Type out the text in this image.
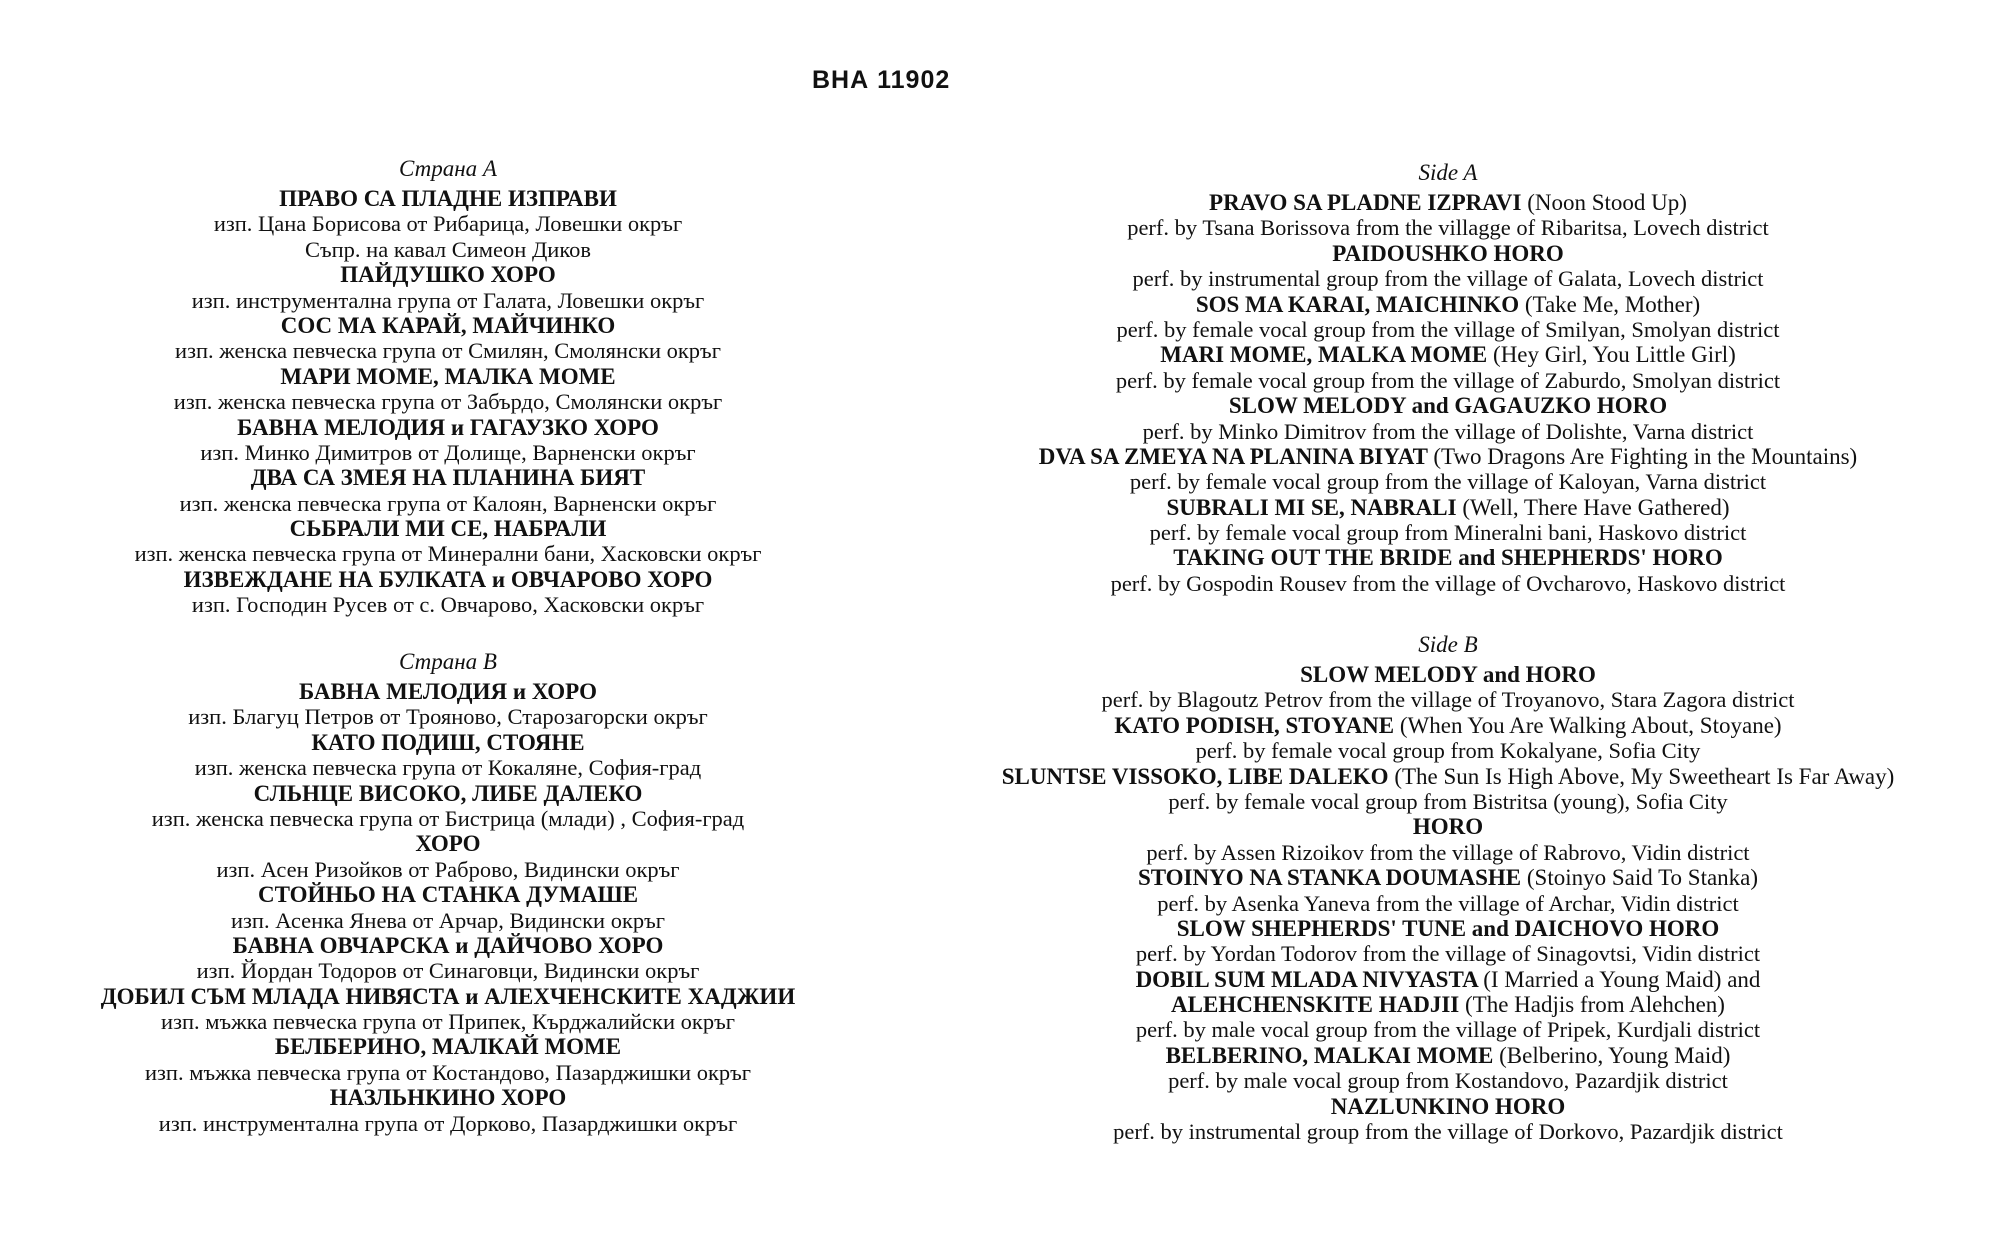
ВНА 11902
Страна А
ПРАВО СА ПЛАДНЕ ИЗПРАВИ
изп. Цана Борисова от Рибарица, Ловешки окръг
Съпр. на кавал Симеон Диков
ПАЙДУШКО ХОРО
изп. инструментална група от Галата, Ловешки окръг
СОС МА КАРАЙ, МАЙЧИНКО
изп. женска певческа група от Смилян, Смолянски окръг
МАРИ МОМЕ, МАЛКА МОМЕ
изп. женска певческа група от Забърдо, Смолянски окръг
БАВНА МЕЛОДИЯ и ГАГАУЗКО ХОРО
изп. Минко Димитров от Долище, Варненски окръг
ДВА СА ЗМЕЯ НА ПЛАНИНА БИЯТ
изп. женска певческа група от Калоян, Варненски окръг
СЬБРАЛИ МИ СЕ, НАБРАЛИ
изп. женска певческа група от Минерални бани, Хасковски окръг
ИЗВЕЖДАНЕ НА БУЛКАТА и ОВЧАРОВО ХОРО
изп. Господин Русев от с. Овчарово, Хасковски окръг
Страна В
БАВНА МЕЛОДИЯ и ХОРО
изп. Благуц Петров от Трояново, Старозагорски окръг
КАТО ПОДИШ, СТОЯНЕ
изп. женска певческа група от Кокаляне, София-град
СЛЬНЦЕ ВИСОКО, ЛИБЕ ДАЛЕКО
изп. женска певческа група от Бистрица (млади) , София-град
ХОРО
изп. Асен Ризойков от Раброво, Видински окръг
СТОЙНЬО НА СТАНКА ДУМАШЕ
изп. Асенка Янева от Арчар, Видински окръг
БАВНА ОВЧАРСКА и ДАЙЧОВО ХОРО
изп. Йордан Тодоров от Синаговци, Видински окръг
ДОБИЛ СЪМ МЛАДА НИВЯСТА и АЛЕХЧЕНСКИТЕ ХАДЖИИ
изп. мъжка певческа група от Припек, Кърджалийски окръг
БЕЛБЕРИНО, МАЛКАЙ МОМЕ
изп. мъжка певческа група от Костандово, Пазарджишки окръг
НАЗЛЬНКИНО ХОРО
изп. инструментална група от Дорково, Пазарджишки окръг
Side A
PRAVO SA PLADNE IZPRAVI (Noon Stood Up)
perf. by Tsana Borissova from the villagge of Ribaritsa, Lovech district
PAIDOUSHKO HORO
perf. by instrumental group from the village of Galata, Lovech district
SOS MA KARAI, MAICHINKO (Take Me, Mother)
perf. by female vocal group from the village of Smilyan, Smolyan district
MARI MOME, MALKA MOME (Hey Girl, You Little Girl)
perf. by female vocal group from the village of Zaburdo, Smolyan district
SLOW MELODY and GAGAUZKO HORO
perf. by Minko Dimitrov from the village of Dolishte, Varna district
DVA SA ZMEYA NA PLANINA BIYAT (Two Dragons Are Fighting in the Mountains)
perf. by female vocal group from the village of Kaloyan, Varna district
SUBRALI MI SE, NABRALI (Well, There Have Gathered)
perf. by female vocal group from Mineralni bani, Haskovo district
TAKING OUT THE BRIDE and SHEPHERDS' HORO
perf. by Gospodin Rousev from the village of Ovcharovo, Haskovo district
Side B
SLOW MELODY and HORO
perf. by Blagoutz Petrov from the village of Troyanovo, Stara Zagora district
KATO PODISH, STOYANE (When You Are Walking About, Stoyane)
perf. by female vocal group from Kokalyane, Sofia City
SLUNTSE VISSOKO, LIBE DALEKO (The Sun Is High Above, My Sweetheart Is Far Away)
perf. by female vocal group from Bistritsa (young), Sofia City
HORO
perf. by Assen Rizoikov from the village of Rabrovo, Vidin district
STOINYO NA STANKA DOUMASHE (Stoinyo Said To Stanka)
perf. by Asenka Yaneva from the village of Archar, Vidin district
SLOW SHEPHERDS' TUNE and DAICHOVO HORO
perf. by Yordan Todorov from the village of Sinagovtsi, Vidin district
DOBIL SUM MLADA NIVYASTA (I Married a Young Maid) and
ALEHCHENSKITE HADJII (The Hadjis from Alehchen)
perf. by male vocal group from the village of Pripek, Kurdjali district
BELBERINO, MALKAI MOME (Belberino, Young Maid)
perf. by male vocal group from Kostandovo, Pazardjik district
NAZLUNKINO HORO
perf. by instrumental group from the village of Dorkovo, Pazardjik district
